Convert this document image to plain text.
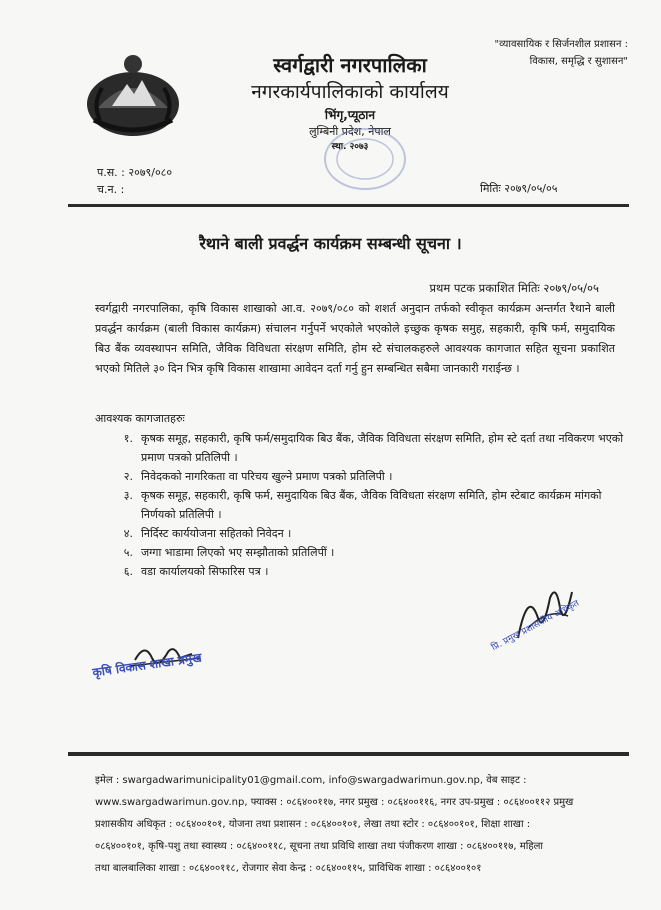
स्वर्गद्वारी नगरपालिका
नगरकार्यपालिकाको कार्यालय
भिंगृ,प्यूठान
लुम्बिनी प्रदेश, नेपाल
स्था. २०७३
"व्यावसायिक र सिर्जनशील प्रशासन :
विकास, समृद्धि र सुशासन"
प.स. : २०७९/०८०
च.न. :	मितिः २०७९/०५/०५
रैथाने बाली प्रवर्द्धन कार्यक्रम सम्बन्धी सूचना ।
प्रथम पटक प्रकाशित मितिः २०७९/०५/०५
स्वर्गद्वारी नगरपालिका, कृषि विकास शाखाको आ.व. २०७९/०८० को शशर्त अनुदान तर्फको स्वीकृत कार्यक्रम अन्तर्गत रैथाने बाली प्रवर्द्धन कार्यक्रम (बाली विकास कार्यक्रम) संचालन गर्नुपर्ने भएकोले भएकोले इच्छुक कृषक समुह, सहकारी, कृषि फर्म, समुदायिक बिउ बैंक व्यवस्थापन समिति, जैविक विविधता संरक्षण समिति, होम स्टे संचालकहरुले आवश्यक कागजात सहित सूचना प्रकाशित भएको मितिले ३० दिन भित्र कृषि विकास शाखामा आवेदन दर्ता गर्नु हुन सम्बन्धित सबैमा जानकारी गराईन्छ ।
आवश्यक कागजातहरुः
१. कृषक समूह, सहकारी, कृषि फर्म/समुदायिक बिउ बैंक, जैविक विविधता संरक्षण समिति, होम स्टे दर्ता तथा नविकरण भएको प्रमाण पत्रको प्रतिलिपी ।
२. निवेदकको नागरिकता वा परिचय खुल्ने प्रमाण पत्रको प्रतिलिपी ।
३. कृषक समूह, सहकारी, कृषि फर्म, समुदायिक बिउ बैंक, जैविक विविधता संरक्षण समिति, होम स्टेबाट कार्यक्रम मांगको निर्णयको प्रतिलिपी ।
४. निर्दिस्ट कार्ययोजना सहितको निवेदन ।
५. जग्गा भाडामा लिएको भए सम्झौताको प्रतिलिपीं ।
६. वडा कार्यालयको सिफारिस पत्र ।
कृषि विकास शाखा प्रमुख
प्रि. प्रमुख प्रशासकीय अधिकृत
इमेल : swargadwarimunicipality01@gmail.com, info@swargadwarimun.gov.np, वेब साइट :
www.swargadwarimun.gov.np, फ्याक्स : ०८६४००११७, नगर प्रमुख : ०८६४००११६, नगर उप-प्रमुख : ०८६४००११२ प्रमुख
प्रशासकीय अधिकृत : ०८६४००१०१, योजना तथा प्रशासन : ०८६४००१०१, लेखा तथा स्टोर : ०८६४००१०१, शिक्षा शाखा :
०८६४००१०१, कृषि-पशु तथा स्वास्थ्य : ०८६४००११८, सूचना तथा प्रविधि शाखा तथा पंजीकरण शाखा : ०८६४००११७, महिला
तथा बालबालिका शाखा : ०८६४००११८, रोजगार सेवा केन्द्र : ०८६४००११५, प्राविधिक शाखा : ०८६४००१०१
